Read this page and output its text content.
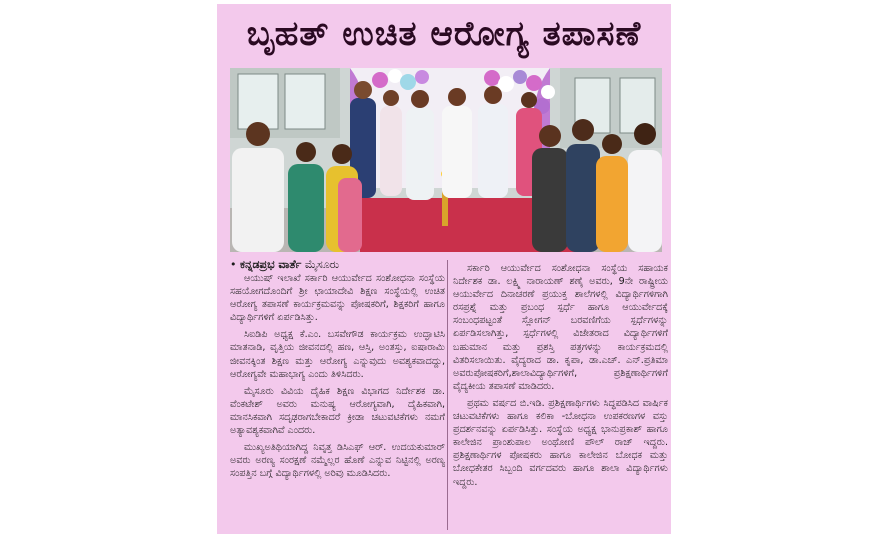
ಬೃಹತ್ ಉಚಿತ ಆರೋಗ್ಯ ತಪಾಸಣೆ
• ಕನ್ನಡಪ್ರಭ ವಾರ್ತೆ ಮೈಸೂರು

ಆಯುಷ್ ಇಲಾಖೆ ಸರ್ಕಾರಿ ಆಯುರ್ವೇದ ಸಂಶೋಧನಾ ಸಂಸ್ಥೆಯ ಸಹಯೋಗದೊಂದಿಗೆ ಶ್ರೀ ಛಾಯಾದೇವಿ ಶಿಕ್ಷಣ ಸಂಸ್ಥೆಯಲ್ಲಿ ಉಚಿತ ಆರೋಗ್ಯ ತಪಾಸಣೆ ಕಾರ್ಯಕ್ರಮವನ್ನು ಪೋಷಕರಿಗೆ, ಶಿಕ್ಷಕರಿಗೆ ಹಾಗೂ ವಿದ್ಯಾರ್ಥಿಗಳಿಗೆ ಏರ್ಪಡಿಸಿತ್ತು.

ಸಿಐಡಿಪಿ ಅಧ್ಯಕ್ಷ ಕೆ.ಎಂ. ಬಸವೇಗೌಡ ಕಾರ್ಯಕ್ರಮ ಉದ್ಘಾಟಿಸಿ ಮಾತನಾಡಿ, ವೃತ್ತಿಯ ಜೀವನದಲ್ಲಿ ಹಣ, ಆಸ್ತಿ, ಅಂತಸ್ತು, ಐಷಾರಾಮಿ ಜೀವನಕ್ಕಿಂತ ಶಿಕ್ಷಣ ಮತ್ತು ಆರೋಗ್ಯ ಎನ್ನುವುದು ಅವಶ್ಯಕವಾದದ್ದು, ಆರೋಗ್ಯವೇ ಮಹಾಭಾಗ್ಯ ಎಂದು ತಿಳಿಸಿದರು.

ಮೈಸೂರು ವಿವಿಯ ದೈಹಿಕ ಶಿಕ್ಷಣ ವಿಭಾಗದ ನಿರ್ದೇಶಕ ಡಾ. ವೆಂಕಟೇಶ್ ಅವರು ಮನುಷ್ಯ ಆರೋಗ್ಯವಾಗಿ, ದೈಹಿಕವಾಗಿ, ಮಾನಸಿಕವಾಗಿ ಸದೃಢರಾಗಬೇಕಾದರೆ ಕ್ರೀಡಾ ಚಟುವಟಿಕೆಗಳು ನಮಗೆ ಅತ್ಯಾವಶ್ಯಕವಾಗಿವೆ ಎಂದರು.

ಮುಖ್ಯಅತಿಥಿಯಾಗಿದ್ದ ನಿವೃತ್ತ ಡಿಸಿಎಫ್ ಆರ್. ಉದಯಕುಮಾರ್ ಅವರು ಅರಣ್ಯ ಸಂರಕ್ಷಣೆ ನಮ್ಮೆಲ್ಲರ ಹೊಣೆ ಎನ್ನುವ ನಿಟ್ಟಿನಲ್ಲಿ ಅರಣ್ಯ ಸಂಪತ್ತಿನ ಬಗ್ಗೆ ವಿದ್ಯಾರ್ಥಿಗಳಲ್ಲಿ ಅರಿವು ಮೂಡಿಸಿದರು.

ಸರ್ಕಾರಿ ಆಯುರ್ವೇದ ಸಂಶೋಧನಾ ಸಂಸ್ಥೆಯ ಸಹಾಯಕ ನಿರ್ದೇಶಕ ಡಾ. ಲಕ್ಷ್ಮಿ ನಾರಾಯಣ್ ಶಣೈ ಅವರು, 9ನೇ ರಾಷ್ಟ್ರೀಯ ಆಯುರ್ವೇದ ದಿನಾಚರಣೆ ಪ್ರಯುಕ್ತ ಶಾಲೆಗಳಲ್ಲಿ ವಿದ್ಯಾರ್ಥಿಗಳಿಗಾಗಿ ರಸಪ್ರಶ್ನೆ ಮತ್ತು ಪ್ರಬಂಧ ಸ್ಪರ್ಧೆ ಹಾಗೂ ಆಯುರ್ವೇದಕ್ಕೆ ಸಂಬಂಧಪಟ್ಟಂತೆ ಸ್ಲೋಗನ್ ಬರವಣಿಗೆಯ ಸ್ಪರ್ಧೆಗಳನ್ನು ಏರ್ಪಡಿಸಲಾಗಿತ್ತು, ಸ್ಪರ್ಧೆಗಳಲ್ಲಿ ವಿಜೇತರಾದ ವಿದ್ಯಾರ್ಥಿಗಳಿಗೆ ಬಹುಮಾನ ಮತ್ತು ಪ್ರಶಸ್ತಿ ಪತ್ರಗಳನ್ನು ಕಾರ್ಯಕ್ರಮದಲ್ಲಿ ವಿತರಿಸಲಾಯಿತು. ವೈದ್ಯರಾದ ಡಾ. ಕೃಪಾ, ಡಾ.ಎಚ್. ಎನ್.ಪ್ರತಿಮಾ ಅವರುಪೋಷಕರಿಗೆ,ಶಾಲಾವಿದ್ಯಾರ್ಥಿಗಳಿಗೆ, ಪ್ರಶಿಕ್ಷಣಾರ್ಥಿಗಳಿಗೆ ವೈದ್ಯಕೀಯ ತಪಾಸಣೆ ಮಾಡಿದರು.

ಪ್ರಥಮ ವರ್ಷದ ಬಿ.ಇಡಿ. ಪ್ರಶಿಕ್ಷಣಾರ್ಥಿಗಳು ಸಿದ್ಧಪಡಿಸಿದ ವಾರ್ಷಿಕ ಚಟುವಟಿಕೆಗಳು ಹಾಗೂ ಕಲಿಕಾ -ಬೋಧನಾ ಉಪಕರಣಗಳ ವಸ್ತು ಪ್ರದರ್ಶನವನ್ನು ಏರ್ಪಡಿಸಿತ್ತು. ಸಂಸ್ಥೆಯ ಅಧ್ಯಕ್ಷ ಭಾನುಪ್ರಕಾಶ್ ಹಾಗೂ ಕಾಲೇಜಿನ ಪ್ರಾಂಶುಪಾಲ ಅಂಥೋಣಿ ಪೌಲ್ ರಾಜ್ ಇದ್ದರು. ಪ್ರಶಿಕ್ಷಣಾರ್ಥಿಗಳ ಪೋಷಕರು ಹಾಗೂ ಕಾಲೇಜಿನ ಬೋಧಕ ಮತ್ತು ಬೋಧಕೇತರ ಸಿಬ್ಬಂದಿ ವರ್ಗದವರು ಹಾಗೂ ಶಾಲಾ ವಿದ್ಯಾರ್ಥಿಗಳು ಇದ್ದರು.
